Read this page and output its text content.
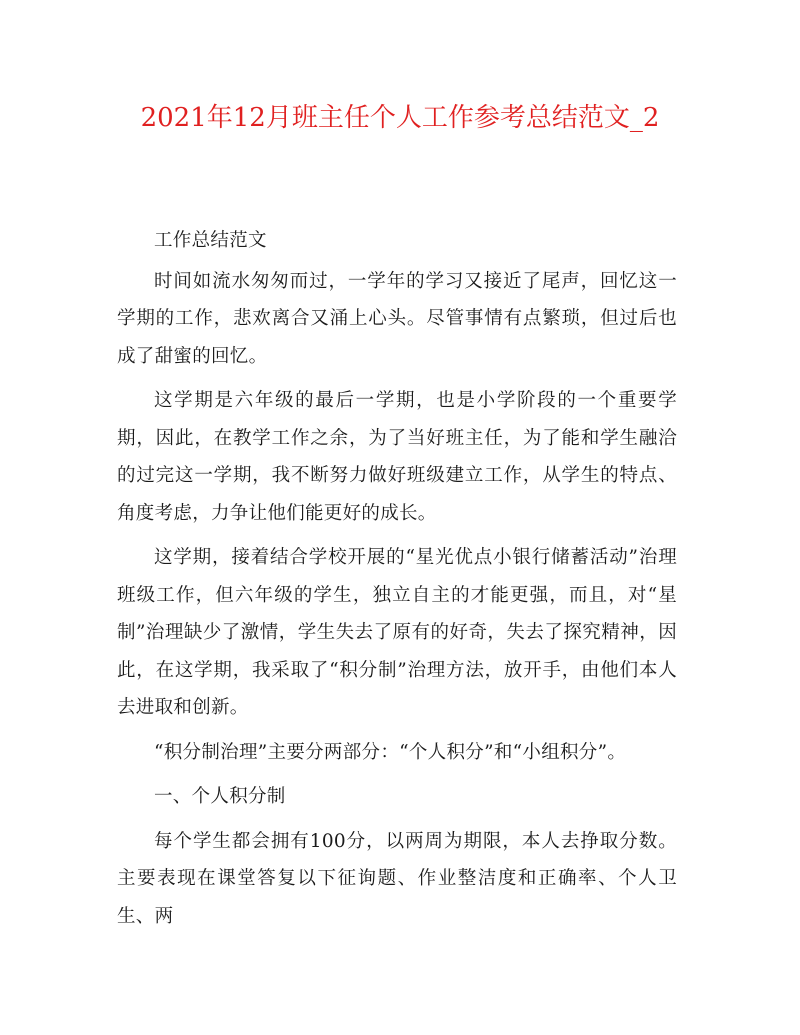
2021年12月班主任个人工作参考总结范文_2

工作总结范文

时间如流水匆匆而过，一学年的学习又接近了尾声，回忆这一学期的工作，悲欢离合又涌上心头。尽管事情有点繁琐，但过后也成了甜蜜的回忆。

这学期是六年级的最后一学期，也是小学阶段的一个重要学期，因此，在教学工作之余，为了当好班主任，为了能和学生融洽的过完这一学期，我不断努力做好班级建立工作，从学生的特点、角度考虑，力争让他们能更好的成长。

这学期，接着结合学校开展的“星光优点小银行储蓄活动”治理班级工作，但六年级的学生，独立自主的才能更强，而且，对“星制”治理缺少了激情，学生失去了原有的好奇，失去了探究精神，因此，在这学期，我采取了“积分制”治理方法，放开手，由他们本人去进取和创新。

“积分制治理”主要分两部分：“个人积分”和“小组积分”。

一、个人积分制

每个学生都会拥有100分，以两周为期限，本人去挣取分数。主要表现在课堂答复以下征询题、作业整洁度和正确率、个人卫生、两
